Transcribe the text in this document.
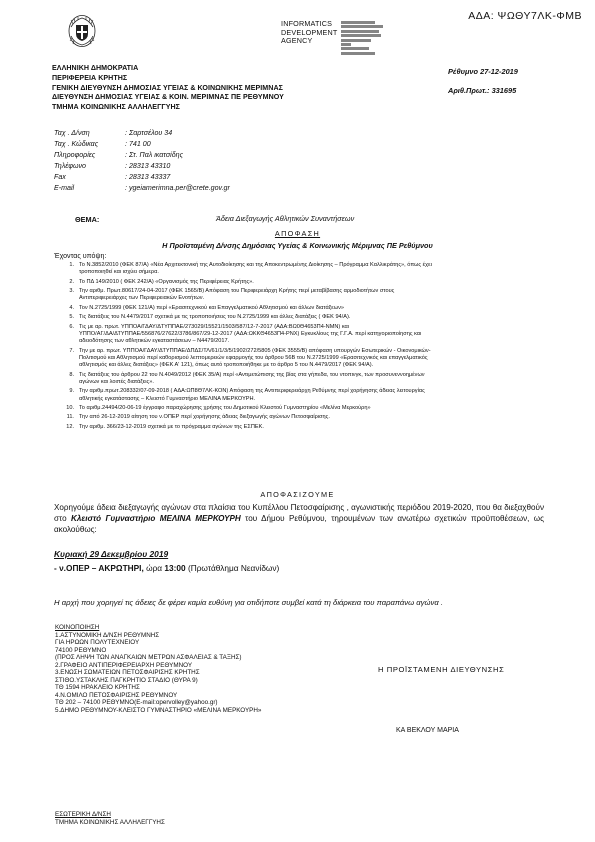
ΑΔΑ: ΨΩΘΥ7ΛΚ-ΦΜΒ
INFORMATICS
DEVELOPMENT
AGENCY
ΕΛΛΗΝΙΚΗ ΔΗΜΟΚΡΑΤΙΑ
ΠΕΡΙΦΕΡΕΙΑ ΚΡΗΤΗΣ
ΓΕΝΙΚΗ ΔΙΕΥΘΥΝΣΗ ΔΗΜΟΣΙΑΣ ΥΓΕΙΑΣ & ΚΟΙΝΩΝΙΚΗΣ ΜΕΡΙΜΝΑΣ
ΔΙΕΥΘΥΝΣΗ ΔΗΜΟΣΙΑΣ ΥΓΕΙΑΣ & ΚΟΙΝ. ΜΕΡΙΜΝΑΣ ΠΕ ΡΕΘΥΜΝΟΥ
ΤΜΗΜΑ ΚΟΙΝΩΝΙΚΗΣ ΑΛΛΗΛΕΓΓΥΗΣ
Ρέθυμνο 27-12-2019
Αριθ.Πρωτ.: 331695
Ταχ . Δ/νση	: Σαρτσέλου 34
Ταχ . Κώδικας	: 741 00
Πληροφορίες	: Στ. Παλ ικατσίδης
Τηλέφωνο	: 28313 43310
Fax	: 28313 43337
E-mail	: ygeiamerimna.per@crete.gov.gr
ΘΕΜΑ:	Άδεια Διεξαγωγής Αθλητικών Συναντήσεων
ΑΠΟΦΑΣΗ
Η Προϊσταμένη Δ/νσης Δημόσιας Υγείας & Κοινωνικής Μέριμνας ΠΕ Ρεθύμνου
Έχοντας υπόψη:
1. Το Ν.3852/2010 (ΦΕΚ 87/Α) «Νέα Αρχιτεκτονική της Αυτοδιοίκησης και της Αποκεντρωμένης Διοίκησης – Πρόγραμμα Καλλικράτης», όπως έχει
τροποποιηθεί και ισχύει σήμερα.
2. Το ΠΔ 149/2010 ( ΦΕΚ 242/Α) «Οργανισμός της Περιφέρειας Κρήτης».
3. Την αριθμ. Πρωτ.80617/24-04-2017 (ΦΕΚ 1565/Β) Απόφαση του Περιφερειάρχη Κρήτης περί μεταβίβασης αρμοδιοτήτων στους
Αντιπεριφερειάρχες των Περιφερειακών Ενοτήτων.
4. Τον Ν.2725/1999 (ΦΕΚ 121/Α) περί «Ερασιτεχνικού και Επαγγελματικού Αθλητισμού και άλλων διατάξεων»
5. Τις διατάξεις του Ν.4479/2017 σχετικά με τις τροποποιήσεις του Ν.2725/1999 και άλλες διατάξεις ( ΦΕΚ 94/Α).
6. Τις με αρ. πρωτ. ΥΠΠΟΑ/ΓΔΑΥ/ΔΤΥΠΠΑΕ/273029/15521/1503/587/12-7-2017 (ΑΔΑ:ΒΩ0Θ4653Π4-ΝΜΝ) και
ΥΠΠΟ/ΑΓ/ΔΑ/ΔΤΥΠΠΑΕ/556876/27622/3786/867/29-12-2017 (ΑΔΑ:ΩΚΚΘ4653Π4-ΡΝΧ) Εγκυκλίους της Γ.Γ.Α. περί κατηγοριοποίησης και
αδειοδότησης των αθλητικών εγκαταστάσεων – Ν4479/2017.
7. Την με αρ. πρωτ. ΥΠΠΟΑ/ΓΔΑΥ/ΔΤΥΠΠΑΕ/ΔΠΔΣ/ΤΛ/61/1/3/5/1902/272/5805 (ΦΕΚ 3555/Β) απόφαση υπουργών Εσωτερικών - Οικονομικών-
Πολιτισμού και Αθλητισμού περί καθορισμού λεπτομερειών εφαρμογής του άρθρου 56Β του Ν.2725/1999 «Ερασιτεχνικός και επαγγελματικός
αθλητισμός και άλλες διατάξεις» (ΦΕΚ Α' 121), όπως αυτό τροποποιήθηκε με το άρθρο 5 του Ν.4479/2017 (ΦΕΚ 94/Α).
8. Τις διατάξεις του άρθρου 22 του Ν.4049/2012 (ΦΕΚ 35/Α) περί «Αντιμετώπισης της βίας στα γήπεδα, του ντοπινγκ, των προσυνεννοημένων
αγώνων και λοιπές διατάξεις».
9. Την αριθμ.πρωτ.208332/07-09-2018 ( ΑΔΑ:ΩΠ8Θ7ΛΚ-ΚΟΝ) Απόφαση της Αντιπεριφερειάρχη Ρεθύμνης περί χορήγησης άδειας λειτουργίας
αθλητικής εγκατάστασης – Κλειστό Γυμναστήριο ΜΕΛΙΝΑ ΜΕΡΚΟΥΡΗ.
10. Το αριθμ.24494/20-06-19 έγγραφο παραχώρησης χρήσης του Δημοτικού Κλειστού Γυμναστηρίου «Μελίνα Μερκούρη»
11. Την από 26-12-2019 αίτηση του ν.ΟΠΕΡ περί χορήγησης άδειας διεξαγωγής αγώνων Πετοσφαίρισης.
12. Την αριθμ. 366/23-12-2019 σχετικά με το πρόγραμμα αγώνων της ΕΣΠΕΚ.
ΑΠΟΦΑΣΙΖΟΥΜΕ
Χορηγούμε άδεια διεξαγωγής αγώνων στα πλαίσια του Κυπέλλου Πετοσφαίρισης , αγωνιστικής περιόδου 2019-2020, που θα διεξαχθούν στο Κλειστό Γυμναστήριο ΜΕΛΙΝΑ ΜΕΡΚΟΥΡΗ του Δήμου Ρεθύμνου, τηρουμένων των ανωτέρω σχετικών προϋποθέσεων, ως ακολούθως:
Κυριακή 29 Δεκεμβρίου 2019
- ν.ΟΠΕΡ – ΑΚΡΩΤΗΡΙ, ώρα 13:00 (Πρωτάθλημα Νεανίδων)
Η αρχή που χορηγεί τις άδειες δε φέρει καμία ευθύνη για οτιδήποτε συμβεί κατά τη διάρκεια του παραπάνω αγώνα .
ΚΟΙΝΟΠΟΙΗΣΗ
1.ΑΣΤΥΝΟΜΙΚΗ Δ/ΝΣΗ ΡΕΘΥΜΝΗΣ
ΓΙΑ ΗΡΩΩΝ ΠΟΛΥΤΕΧΝΕΙΟΥ
74100 ΡΕΘΥΜΝΟ
(ΠΡΟΣ ΛΗΨΗ ΤΩΝ ΑΝΑΓΚΑΙΩΝ ΜΕΤΡΩΝ ΑΣΦΑΛΕΙΑΣ & ΤΑΞΗΣ)
2.ΓΡΑΦΕΙΟ ΑΝΤΙΠΕΡΙΦΕΡΕΙΑΡΧΗ ΡΕΘΥΜΝΟΥ
3.ΕΝΩΣΗ ΣΩΜΑΤΕΙΩΝ ΠΕΤΟΣΦΑΙΡΙΣΗΣ ΚΡΗΤΗΣ
ΣΤΙΘΟ.ΥΣΤΑΚΛΗΣ ΠΑΓΚΡΗΤΙΟ ΣΤΑΔΙΟ (ΘΥΡΑ 9)
ΤΘ 1594 ΗΡΑΚΛΕΙΟ ΚΡΗΤΗΣ
4.Ν.ΟΜΙΛΟ ΠΕΤΟΣΦΑΙΡΙΣΗΣ ΡΕΘΥΜΝΟΥ
ΤΘ 202 – 74100 ΡΕΘΥΜΝΟ(E-mail:opervolley@yahoo.gr)
5.ΔΗΜΟ ΡΕΘΥΜΝΟΥ-ΚΛΕΙΣΤΟ ΓΥΜΝΑΣΤΗΡΙΟ «ΜΕΛΙΝΑ ΜΕΡΚΟΥΡΗ»
Η ΠΡΟΪΣΤΑΜΕΝΗ ΔΙΕΥΘΥΝΣΗΣ
ΚΑ ΒΕΚΛΟΥ ΜΑΡΙΑ
ΕΣΩΤΕΡΙΚΗ Δ/ΝΣΗ
ΤΜΗΜΑ ΚΟΙΝΩΝΙΚΗΣ ΑΛΛΗΛΕΓΓΥΗΣ
